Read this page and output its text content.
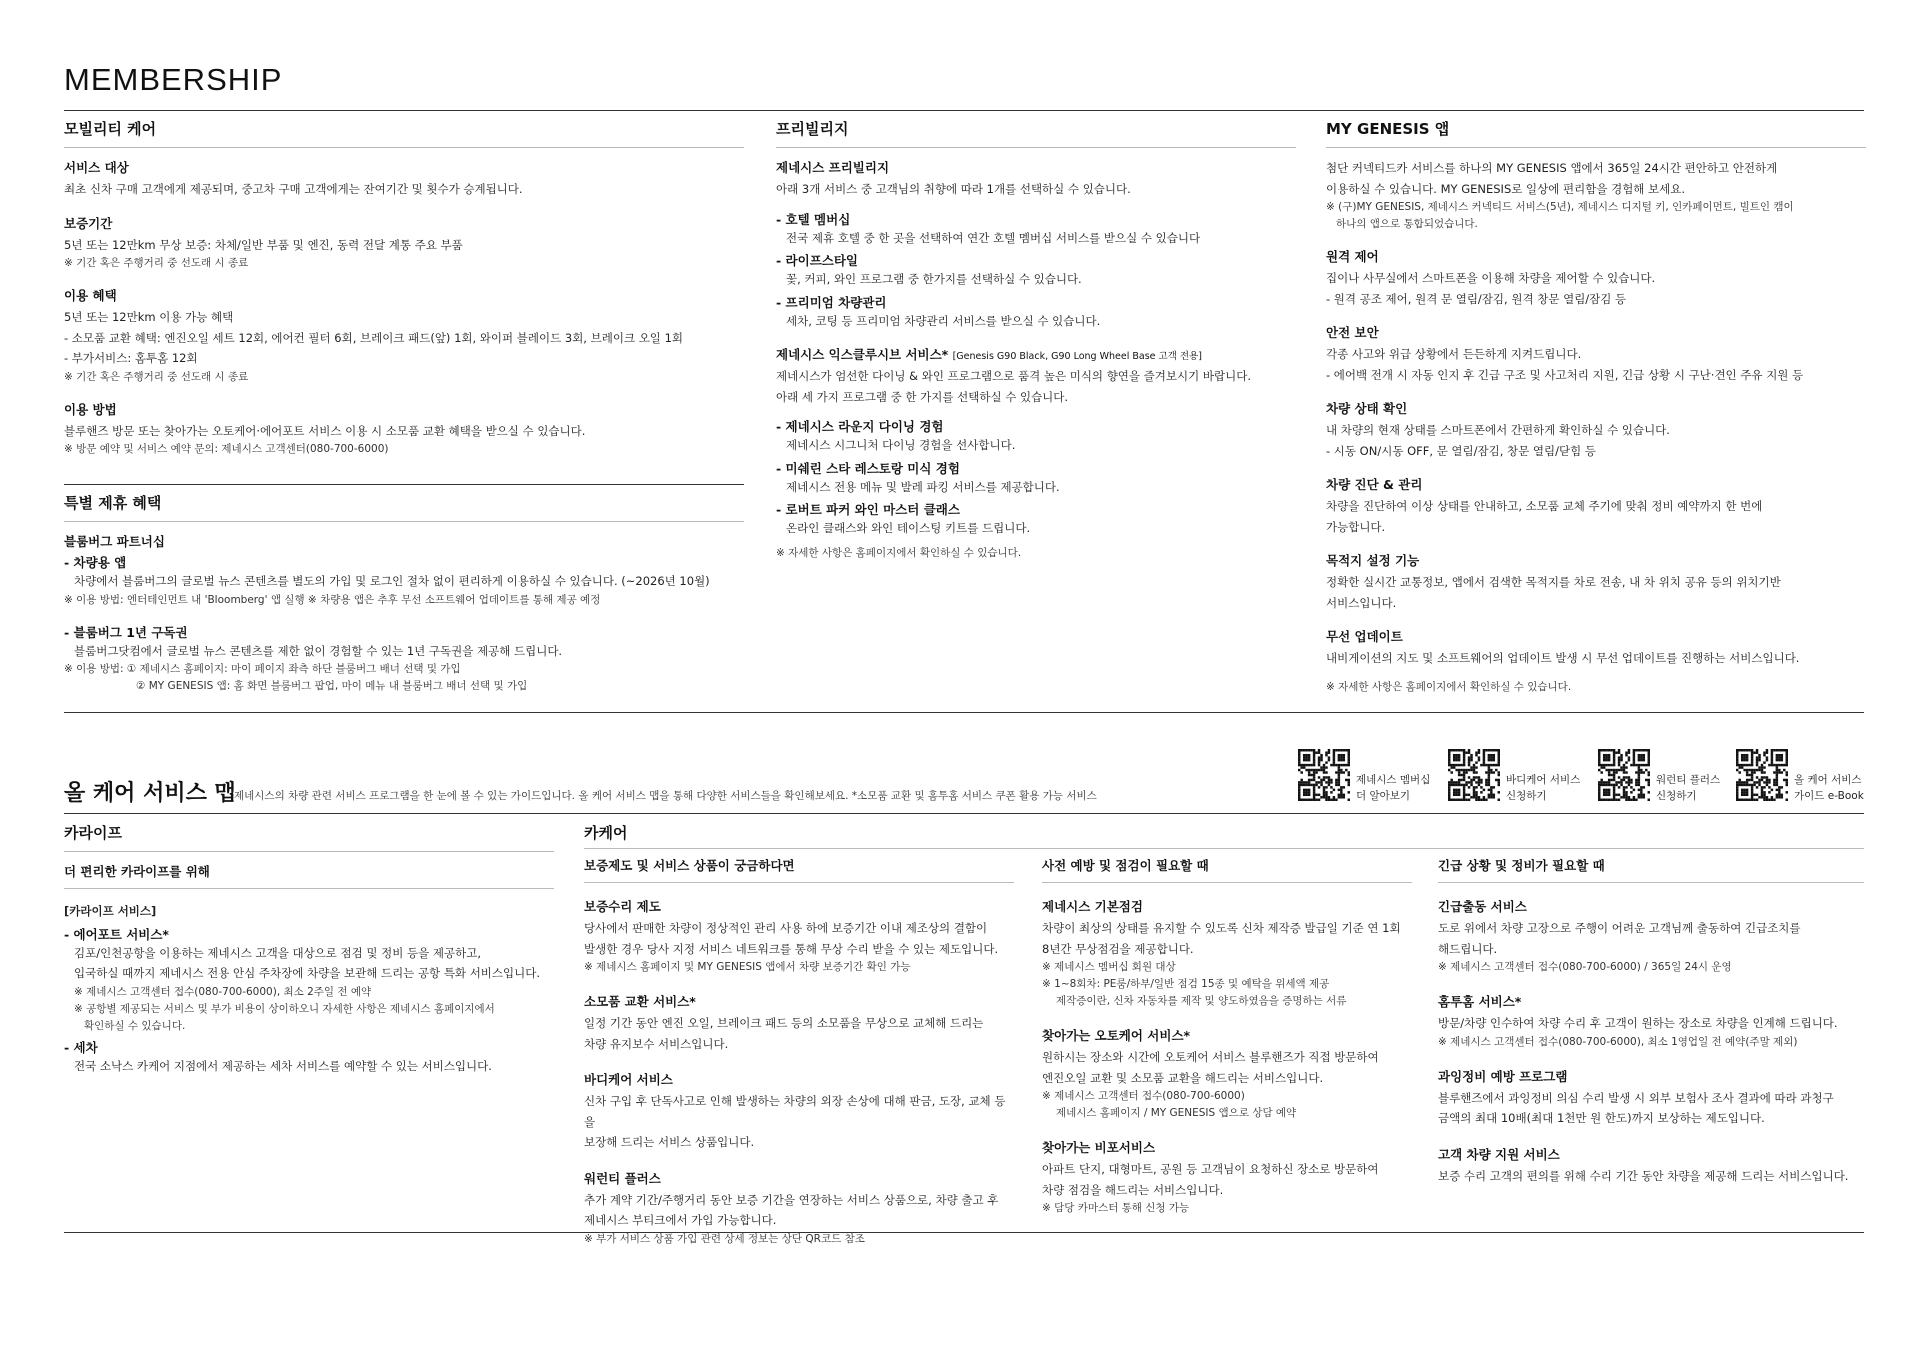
MEMBERSHIP
모빌리티 케어
서비스 대상
최초 신차 구매 고객에게 제공되며, 중고차 구매 고객에게는 잔여기간 및 횟수가 승계됩니다.
보증기간
5년 또는 12만km 무상 보증: 차체/일반 부품 및 엔진, 동력 전달 계통 주요 부품
※ 기간 혹은 주행거리 중 선도래 시 종료
이용 혜택
5년 또는 12만km 이용 가능 혜택
- 소모품 교환 혜택: 엔진오일 세트 12회, 에어컨 필터 6회, 브레이크 패드(앞) 1회, 와이퍼 블레이드 3회, 브레이크 오일 1회
- 부가서비스: 홈투홈 12회
※ 기간 혹은 주행거리 중 선도래 시 종료
이용 방법
블루핸즈 방문 또는 찾아가는 오토케어·에어포트 서비스 이용 시 소모품 교환 혜택을 받으실 수 있습니다.
※ 방문 예약 및 서비스 예약 문의: 제네시스 고객센터(080-700-6000)
특별 제휴 혜택
블룸버그 파트너십
- 차량용 앱
차량에서 블룸버그의 글로벌 뉴스 콘텐츠를 별도의 가입 및 로그인 절차 없이 편리하게 이용하실 수 있습니다. (~2026년 10월)
※ 이용 방법: 엔터테인먼트 내 'Bloomberg' 앱 실행 ※ 차량용 앱은 추후 무선 소프트웨어 업데이트를 통해 제공 예정
- 블룸버그 1년 구독권
블룸버그닷컴에서 글로벌 뉴스 콘텐츠를 제한 없이 경험할 수 있는 1년 구독권을 제공해 드립니다.
※ 이용 방법: ① 제네시스 홈페이지: 마이 페이지 좌측 하단 블룸버그 배너 선택 및 가입
② MY GENESIS 앱: 홈 화면 블룸버그 팝업, 마이 메뉴 내 블룸버그 배너 선택 및 가입
프리빌리지
제네시스 프리빌리지
아래 3개 서비스 중 고객님의 취향에 따라 1개를 선택하실 수 있습니다.
- 호텔 멤버십
전국 제휴 호텔 중 한 곳을 선택하여 연간 호텔 멤버십 서비스를 받으실 수 있습니다
- 라이프스타일
꽃, 커피, 와인 프로그램 중 한가지를 선택하실 수 있습니다.
- 프리미엄 차량관리
세차, 코팅 등 프리미엄 차량관리 서비스를 받으실 수 있습니다.
제네시스 익스클루시브 서비스* [Genesis G90 Black, G90 Long Wheel Base 고객 전용]
제네시스가 엄선한 다이닝 & 와인 프로그램으로 품격 높은 미식의 향연을 즐겨보시기 바랍니다.
아래 세 가지 프로그램 중 한 가지를 선택하실 수 있습니다.
- 제네시스 라운지 다이닝 경험
제네시스 시그니처 다이닝 경험을 선사합니다.
- 미쉐린 스타 레스토랑 미식 경험
제네시스 전용 메뉴 및 발레 파킹 서비스를 제공합니다.
- 로버트 파커 와인 마스터 클래스
온라인 클래스와 와인 테이스팅 키트를 드립니다.
※ 자세한 사항은 홈페이지에서 확인하실 수 있습니다.
MY GENESIS 앱
첨단 커넥티드카 서비스를 하나의 MY GENESIS 앱에서 365일 24시간 편안하고 안전하게
이용하실 수 있습니다. MY GENESIS로 일상에 편리함을 경험해 보세요.
※ (구)MY GENESIS, 제네시스 커넥티드 서비스(5년), 제네시스 디지털 키, 인카페이먼트, 빌트인 캠이
하나의 앱으로 통합되었습니다.
원격 제어
집이나 사무실에서 스마트폰을 이용해 차량을 제어할 수 있습니다.
- 원격 공조 제어, 원격 문 열림/잠김, 원격 창문 열림/잠김 등
안전 보안
각종 사고와 위급 상황에서 든든하게 지켜드립니다.
- 에어백 전개 시 자동 인지 후 긴급 구조 및 사고처리 지원, 긴급 상황 시 구난·견인 주유 지원 등
차량 상태 확인
내 차량의 현재 상태를 스마트폰에서 간편하게 확인하실 수 있습니다.
- 시동 ON/시동 OFF, 문 열림/잠김, 창문 열림/닫힘 등
차량 진단 & 관리
차량을 진단하여 이상 상태를 안내하고, 소모품 교체 주기에 맞춰 정비 예약까지 한 번에
가능합니다.
목적지 설정 기능
정확한 실시간 교통정보, 앱에서 검색한 목적지를 차로 전송, 내 차 위치 공유 등의 위치기반
서비스입니다.
무선 업데이트
내비게이션의 지도 및 소프트웨어의 업데이트 발생 시 무선 업데이트를 진행하는 서비스입니다.
※ 자세한 사항은 홈페이지에서 확인하실 수 있습니다.
올 케어 서비스 맵
제네시스의 차량 관련 서비스 프로그램을 한 눈에 볼 수 있는 가이드입니다. 올 케어 서비스 맵을 통해 다양한 서비스들을 확인해보세요. *소모품 교환 및 홈투홈 서비스 쿠폰 활용 가능 서비스
제네시스 멤버십
더 알아보기
바디케어 서비스
신청하기
워런티 플러스
신청하기
올 케어 서비스
가이드 e-Book
카라이프
더 편리한 카라이프를 위해
[카라이프 서비스]
- 에어포트 서비스*
김포/인천공항을 이용하는 제네시스 고객을 대상으로 점검 및 정비 등을 제공하고,
입국하실 때까지 제네시스 전용 안심 주차장에 차량을 보관해 드리는 공항 특화 서비스입니다.
※ 제네시스 고객센터 접수(080-700-6000), 최소 2주일 전 예약
※ 공항별 제공되는 서비스 및 부가 비용이 상이하오니 자세한 사항은 제네시스 홈페이지에서
확인하실 수 있습니다.
- 세차
전국 소낙스 카케어 지점에서 제공하는 세차 서비스를 예약할 수 있는 서비스입니다.
카케어
보증제도 및 서비스 상품이 궁금하다면
보증수리 제도
당사에서 판매한 차량이 정상적인 관리 사용 하에 보증기간 이내 제조상의 결함이
발생한 경우 당사 지정 서비스 네트워크를 통해 무상 수리 받을 수 있는 제도입니다.
※ 제네시스 홈페이지 및 MY GENESIS 앱에서 차량 보증기간 확인 가능
소모품 교환 서비스*
일정 기간 동안 엔진 오일, 브레이크 패드 등의 소모품을 무상으로 교체해 드리는
차량 유지보수 서비스입니다.
바디케어 서비스
신차 구입 후 단독사고로 인해 발생하는 차량의 외장 손상에 대해 판금, 도장, 교체 등을
보장해 드리는 서비스 상품입니다.
워런티 플러스
추가 계약 기간/주행거리 동안 보증 기간을 연장하는 서비스 상품으로, 차량 출고 후
제네시스 부티크에서 가입 가능합니다.
※ 부가 서비스 상품 가입 관련 상세 정보는 상단 QR코드 참조
사전 예방 및 점검이 필요할 때
제네시스 기본점검
차량이 최상의 상태를 유지할 수 있도록 신차 제작증 발급일 기준 연 1회
8년간 무상점검을 제공합니다.
※ 제네시스 멤버십 회원 대상
※ 1~8회차: PE룸/하부/일반 점검 15종 및 예탁을 위세액 제공
제작증이란, 신차 자동차를 제작 및 양도하였음을 증명하는 서류
찾아가는 오토케어 서비스*
원하시는 장소와 시간에 오토케어 서비스 블루핸즈가 직접 방문하여
엔진오일 교환 및 소모품 교환을 해드리는 서비스입니다.
※ 제네시스 고객센터 접수(080-700-6000)
제네시스 홈페이지 / MY GENESIS 앱으로 상담 예약
찾아가는 비포서비스
아파트 단지, 대형마트, 공원 등 고객님이 요청하신 장소로 방문하여
차량 점검을 해드리는 서비스입니다.
※ 담당 카마스터 통해 신청 가능
긴급 상황 및 정비가 필요할 때
긴급출동 서비스
도로 위에서 차량 고장으로 주행이 어려운 고객님께 출동하여 긴급조치를
해드립니다.
※ 제네시스 고객센터 접수(080-700-6000) / 365일 24시 운영
홈투홈 서비스*
방문/차량 인수하여 차량 수리 후 고객이 원하는 장소로 차량을 인계해 드립니다.
※ 제네시스 고객센터 접수(080-700-6000), 최소 1영업일 전 예약(주말 제외)
과잉정비 예방 프로그램
블루핸즈에서 과잉정비 의심 수리 발생 시 외부 보험사 조사 결과에 따라 과청구
금액의 최대 10배(최대 1천만 원 한도)까지 보상하는 제도입니다.
고객 차량 지원 서비스
보증 수리 고객의 편의를 위해 수리 기간 동안 차량을 제공해 드리는 서비스입니다.
